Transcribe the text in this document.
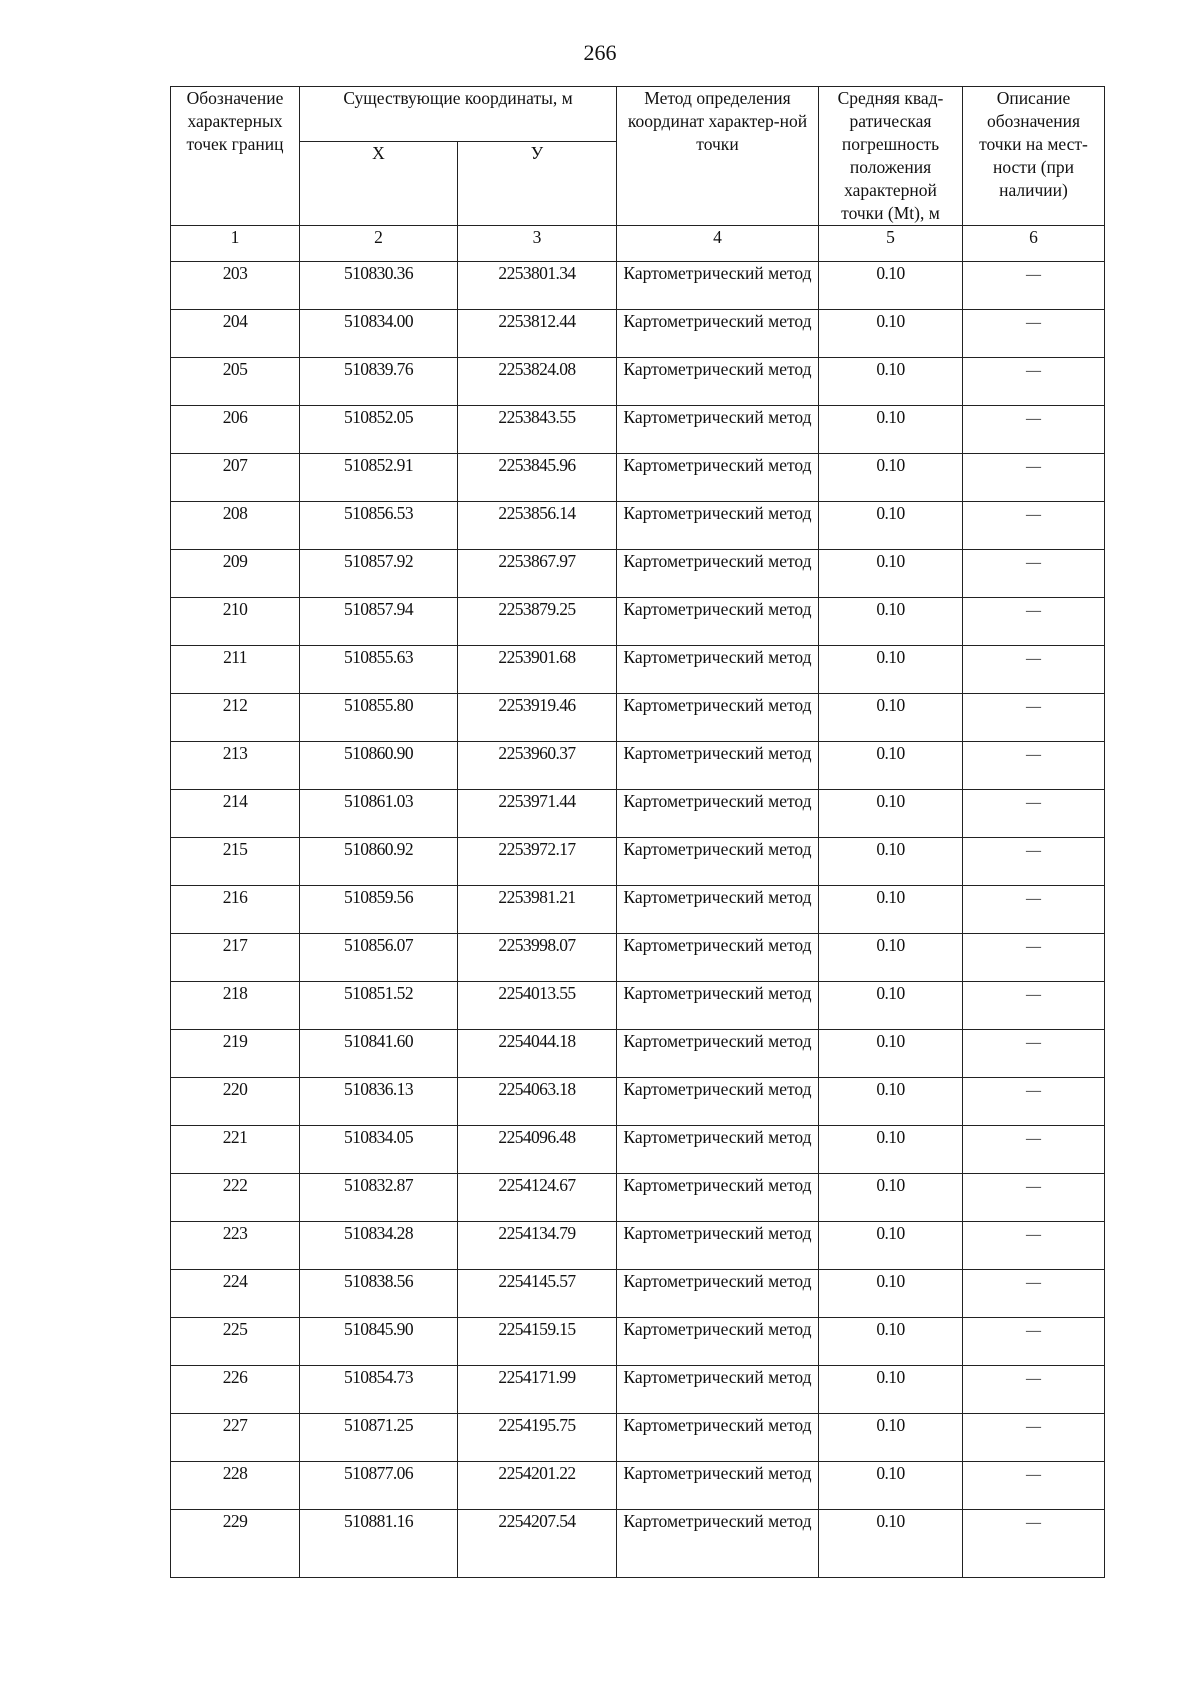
266
Обозначение характерных точек границ	Существующие координаты, м		Метод определения координат характер-ной точки	Средняя квад-ратическая погрешность положения характерной точки (Mt), м	Описание обозначения точки на мест-ности (при наличии)
	X	У			
1	2	3	4	5	6
203	510830.36	2253801.34	Картометрический метод	0.10	—
204	510834.00	2253812.44	Картометрический метод	0.10	—
205	510839.76	2253824.08	Картометрический метод	0.10	—
206	510852.05	2253843.55	Картометрический метод	0.10	—
207	510852.91	2253845.96	Картометрический метод	0.10	—
208	510856.53	2253856.14	Картометрический метод	0.10	—
209	510857.92	2253867.97	Картометрический метод	0.10	—
210	510857.94	2253879.25	Картометрический метод	0.10	—
211	510855.63	2253901.68	Картометрический метод	0.10	—
212	510855.80	2253919.46	Картометрический метод	0.10	—
213	510860.90	2253960.37	Картометрический метод	0.10	—
214	510861.03	2253971.44	Картометрический метод	0.10	—
215	510860.92	2253972.17	Картометрический метод	0.10	—
216	510859.56	2253981.21	Картометрический метод	0.10	—
217	510856.07	2253998.07	Картометрический метод	0.10	—
218	510851.52	2254013.55	Картометрический метод	0.10	—
219	510841.60	2254044.18	Картометрический метод	0.10	—
220	510836.13	2254063.18	Картометрический метод	0.10	—
221	510834.05	2254096.48	Картометрический метод	0.10	—
222	510832.87	2254124.67	Картометрический метод	0.10	—
223	510834.28	2254134.79	Картометрический метод	0.10	—
224	510838.56	2254145.57	Картометрический метод	0.10	—
225	510845.90	2254159.15	Картометрический метод	0.10	—
226	510854.73	2254171.99	Картометрический метод	0.10	—
227	510871.25	2254195.75	Картометрический метод	0.10	—
228	510877.06	2254201.22	Картометрический метод	0.10	—
229	510881.16	2254207.54	Картометрический метод	0.10	—
